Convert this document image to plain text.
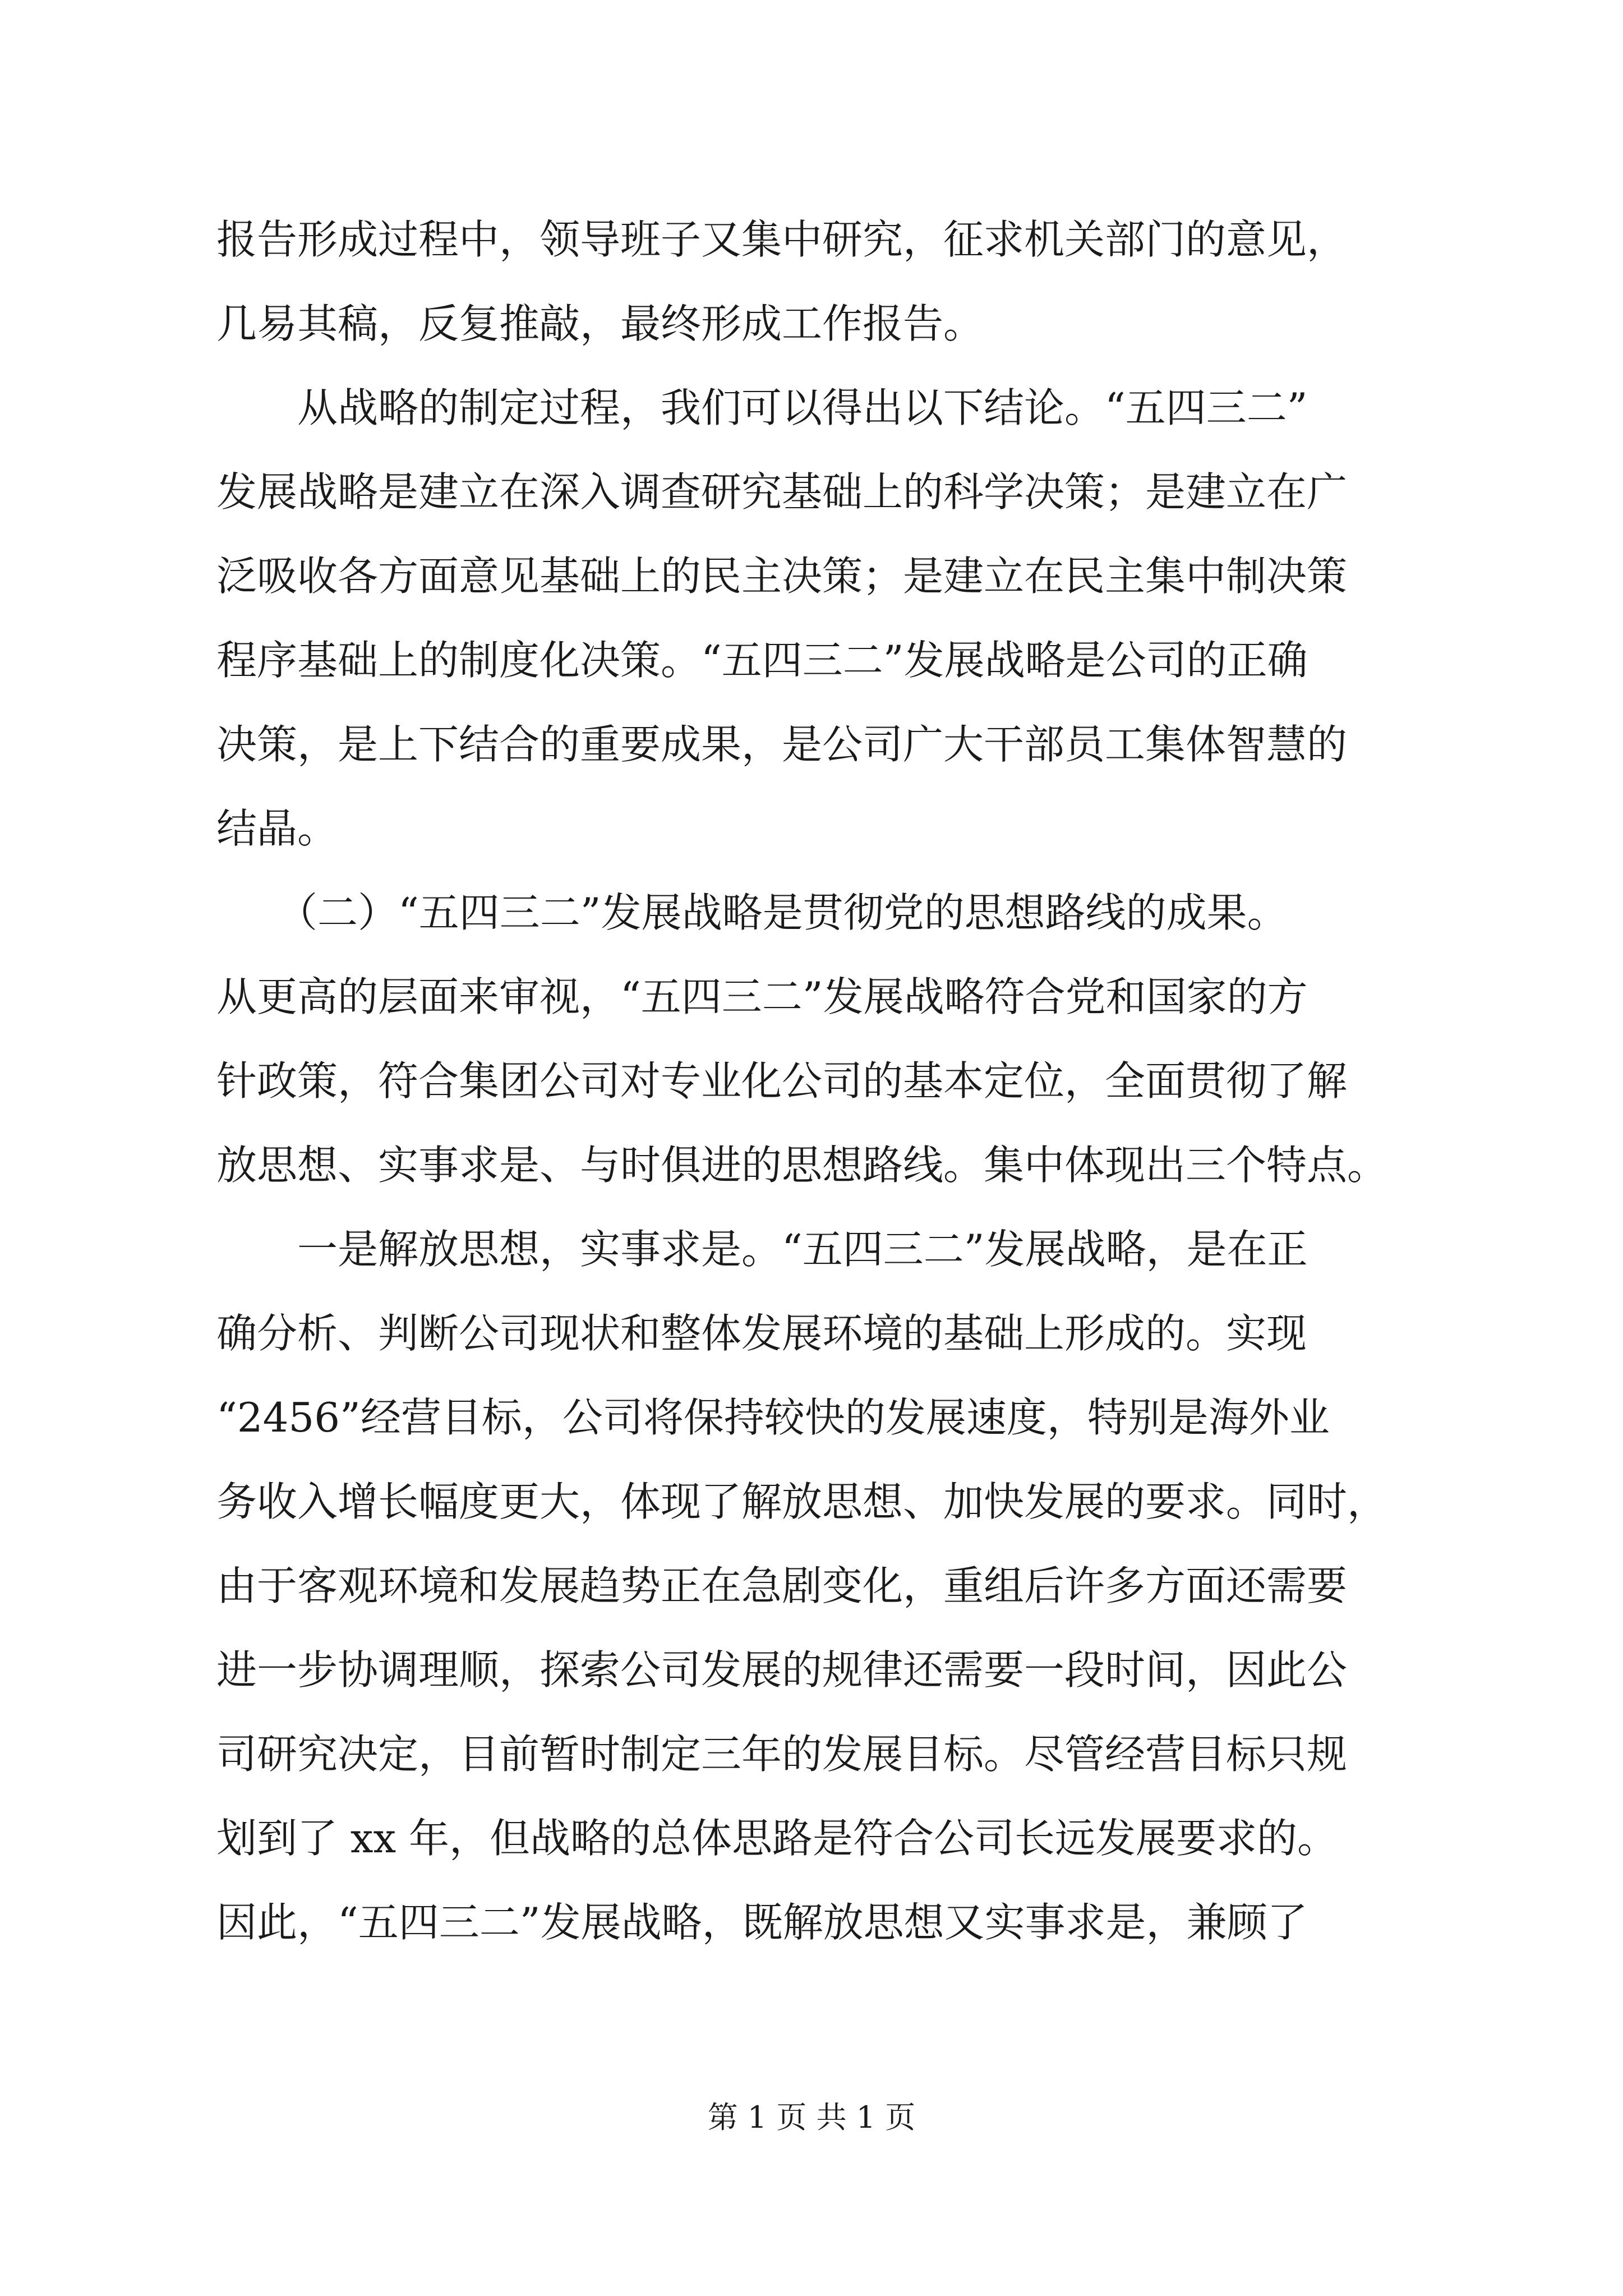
报告形成过程中，领导班子又集中研究，征求机关部门的意见，
几易其稿，反复推敲，最终形成工作报告。
　　从战略的制定过程，我们可以得出以下结论。“五四三二”
发展战略是建立在深入调查研究基础上的科学决策；是建立在广
泛吸收各方面意见基础上的民主决策；是建立在民主集中制决策
程序基础上的制度化决策。“五四三二”发展战略是公司的正确
决策，是上下结合的重要成果，是公司广大干部员工集体智慧的
结晶。
　　（二）“五四三二”发展战略是贯彻党的思想路线的成果。
从更高的层面来审视，“五四三二”发展战略符合党和国家的方
针政策，符合集团公司对专业化公司的基本定位，全面贯彻了解
放思想、实事求是、与时俱进的思想路线。集中体现出三个特点。
　　一是解放思想，实事求是。“五四三二”发展战略，是在正
确分析、判断公司现状和整体发展环境的基础上形成的。实现
“2456”经营目标，公司将保持较快的发展速度，特别是海外业
务收入增长幅度更大，体现了解放思想、加快发展的要求。同时，
由于客观环境和发展趋势正在急剧变化，重组后许多方面还需要
进一步协调理顺，探索公司发展的规律还需要一段时间，因此公
司研究决定，目前暂时制定三年的发展目标。尽管经营目标只规
划到了 xx 年，但战略的总体思路是符合公司长远发展要求的。
因此，“五四三二”发展战略，既解放思想又实事求是，兼顾了
第 1 页 共 1 页
